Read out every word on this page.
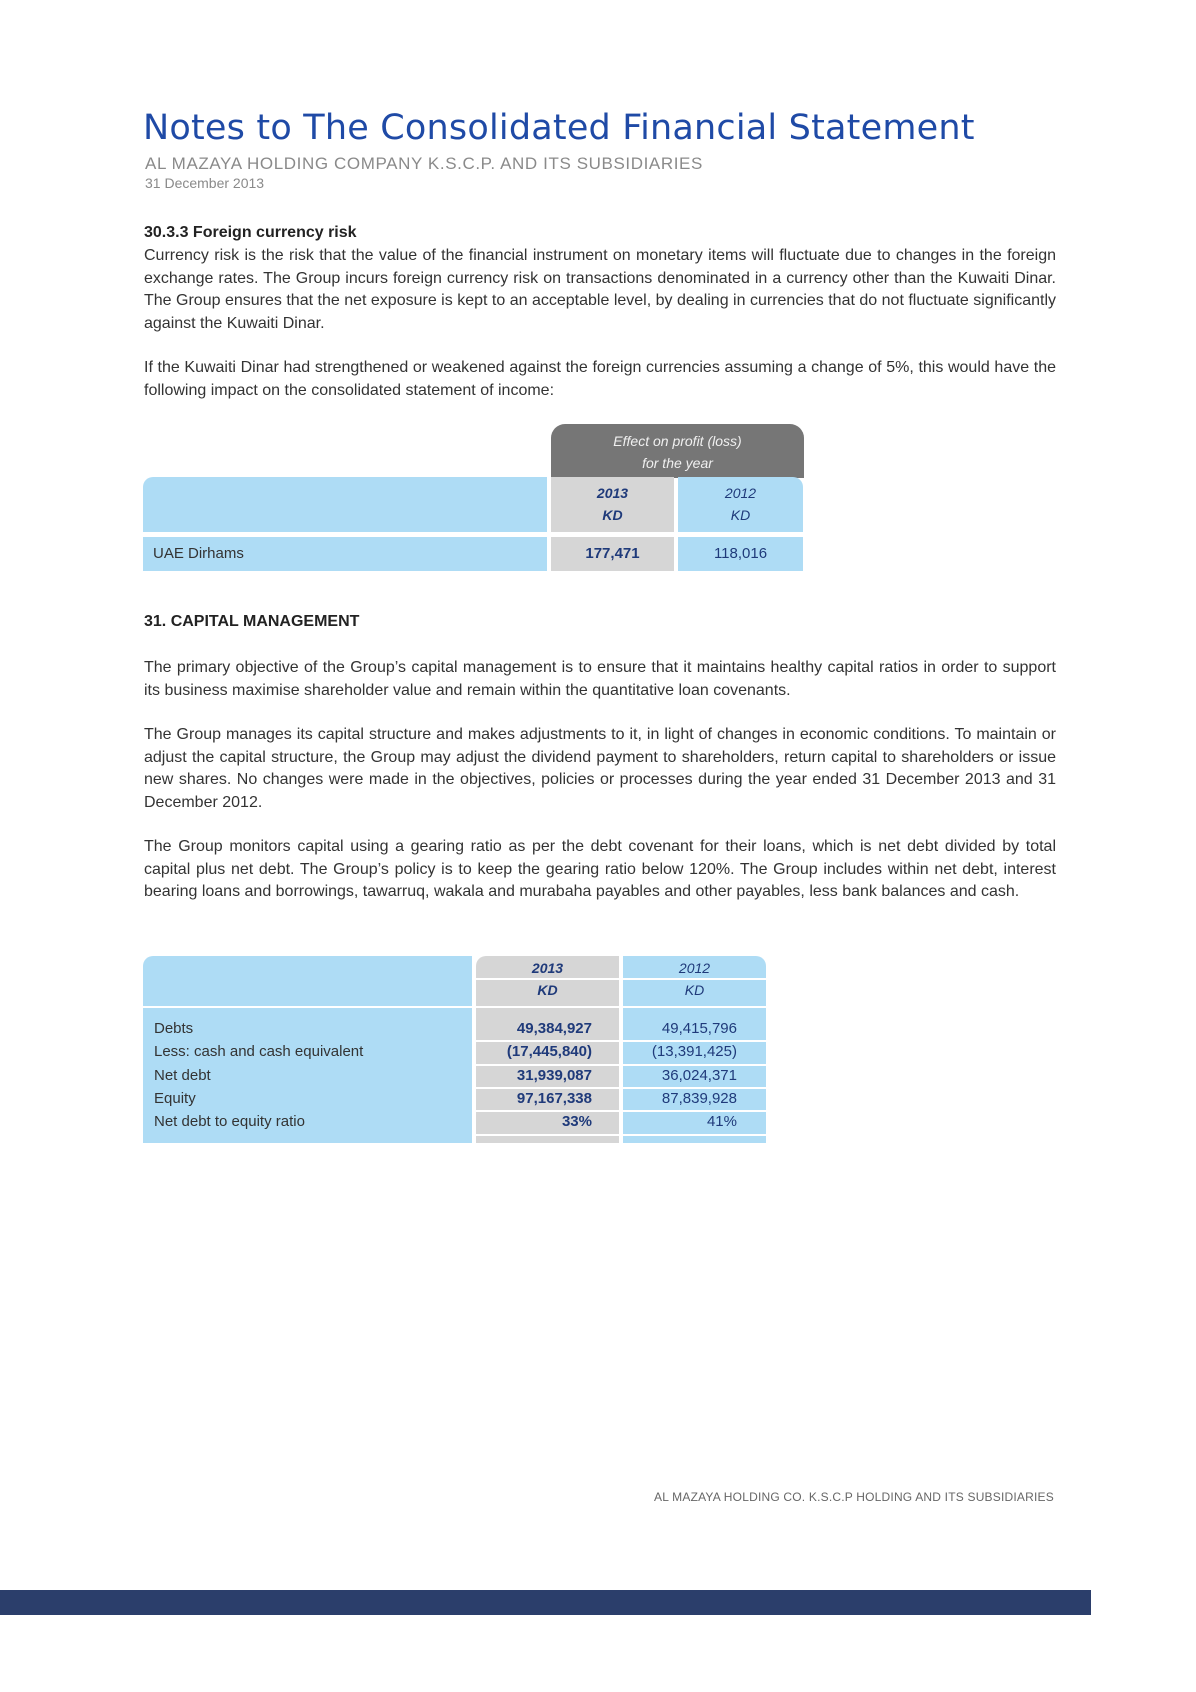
Notes to The Consolidated Financial Statement
AL MAZAYA HOLDING COMPANY K.S.C.P. AND ITS SUBSIDIARIES
31 December 2013
30.3.3 Foreign currency risk
Currency risk is the risk that the value of the financial instrument on monetary items will fluctuate due to changes in the foreign exchange rates. The Group incurs foreign currency risk on transactions denominated in a currency other than the Kuwaiti Dinar. The Group ensures that the net exposure is kept to an acceptable level, by dealing in currencies that do not fluctuate significantly against the Kuwaiti Dinar.
If the Kuwaiti Dinar had strengthened or weakened against the foreign currencies assuming a change of 5%, this would have the following impact on the consolidated statement of income:
Effect on profit (loss)
for the year
2013
KD
2012
KD
UAE Dirhams	177,471	118,016
31. CAPITAL MANAGEMENT
The primary objective of the Group’s capital management is to ensure that it maintains healthy capital ratios in order to support its business maximise shareholder value and remain within the quantitative loan covenants.
The Group manages its capital structure and makes adjustments to it, in light of changes in economic conditions. To maintain or adjust the capital structure, the Group may adjust the dividend payment to shareholders, return capital to shareholders or issue new shares. No changes were made in the objectives, policies or processes during the year ended 31 December 2013 and 31 December 2012.
The Group monitors capital using a gearing ratio as per the debt covenant for their loans, which is net debt divided by total capital plus net debt. The Group’s policy is to keep the gearing ratio below 120%. The Group includes within net debt, interest bearing loans and borrowings, tawarruq, wakala and murabaha payables and other payables, less bank balances and cash.
2013
KD
2012
KD
Debts	49,384,927	49,415,796
Less: cash and cash equivalent	(17,445,840)	(13,391,425)
Net debt	31,939,087	36,024,371
Equity	97,167,338	87,839,928
Net debt to equity ratio	33%	41%
AL MAZAYA HOLDING CO. K.S.C.P HOLDING AND ITS SUBSIDIARIES
